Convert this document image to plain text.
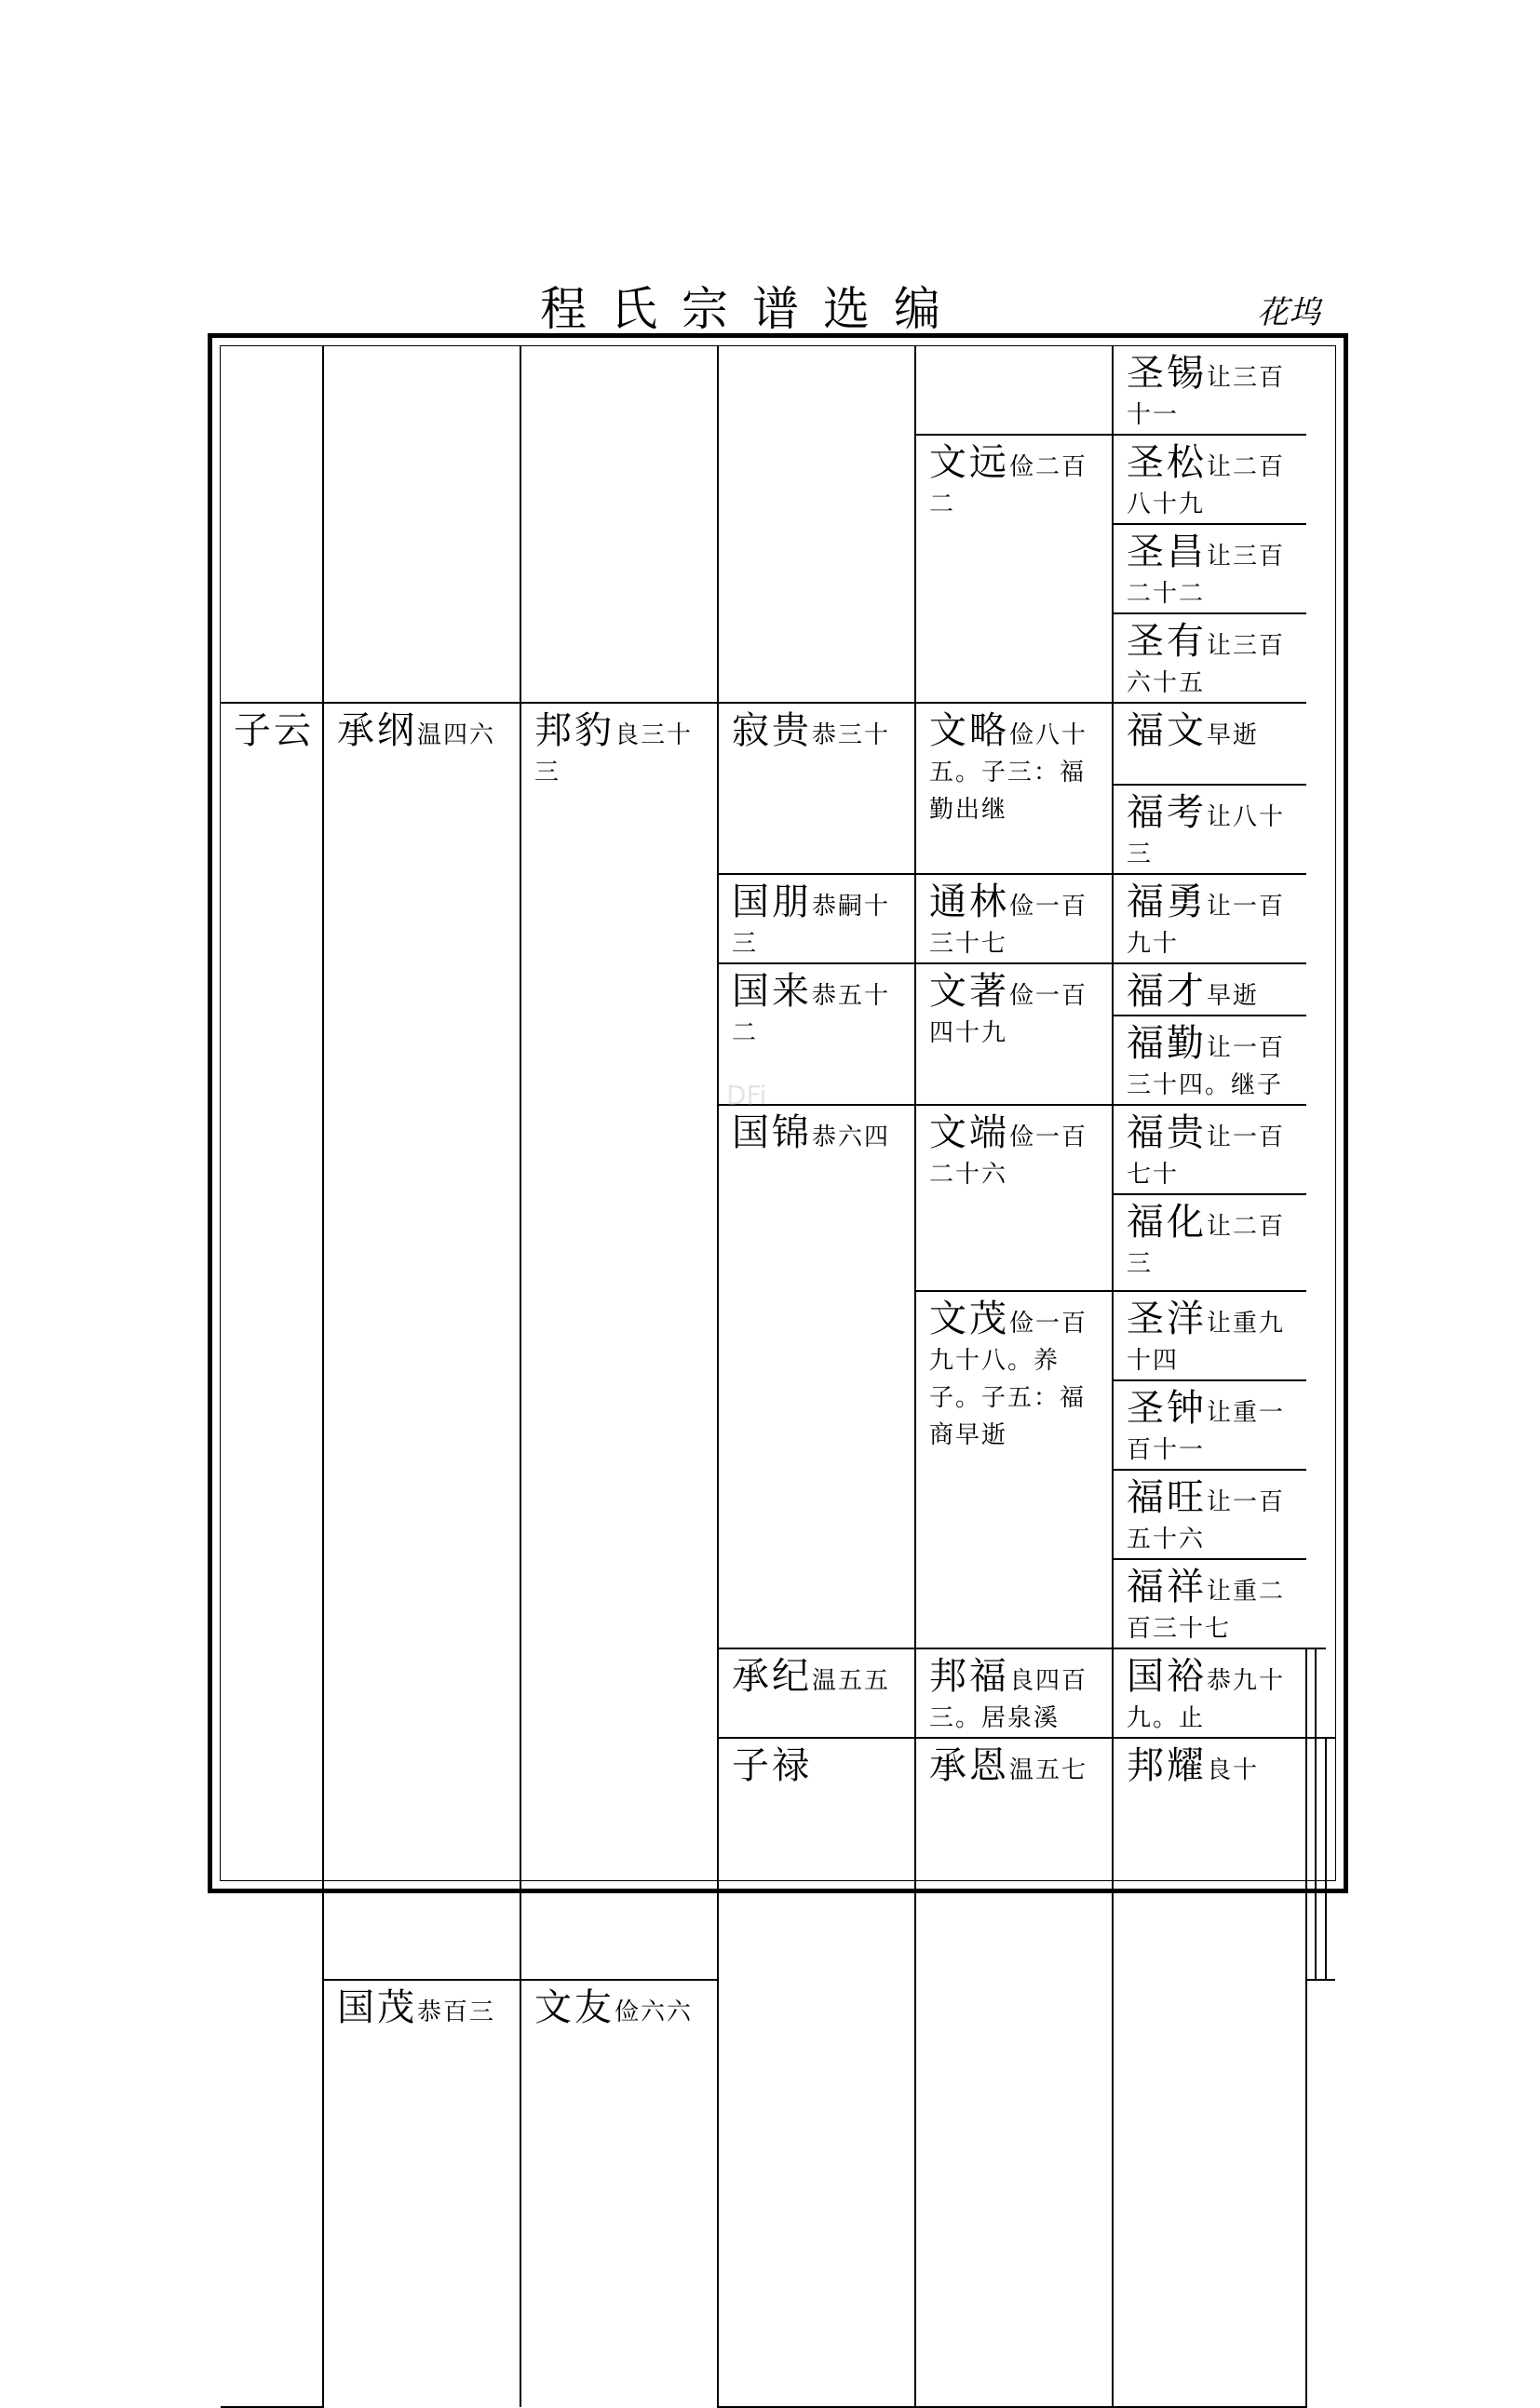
程氏宗谱选编	花坞
					圣锡让三百十一			
				文远俭二百二	圣松让二百八十九			
					圣昌让三百二十二			
					圣有让三百六十五			
子云	承纲温四六	邦豹良三十三	寂贵恭三十	文略俭八十五。子三：福勤出继	福文早逝			
					福考让八十三			
			国朋恭嗣十三	通林俭一百三十七	福勇让一百九十			
			国来恭五十二	文著俭一百四十九	福才早逝			
					福勤让一百三十四。继子			
			国锦恭六四	文端俭一百二十六	福贵让一百七十			
					福化让二百三			
				文茂俭一百九十八。养子。子五：福商早逝	圣洋让重九十四			
					圣钟让重一百十一			
					福旺让一百五十六			
					福祥让重二百三十七			
			承纪温五五	邦福良四百三。居泉溪	国裕恭九十九。止			
			子禄	承恩温五七	邦耀良十			
	国茂恭百三	文友俭六六	
DFi
